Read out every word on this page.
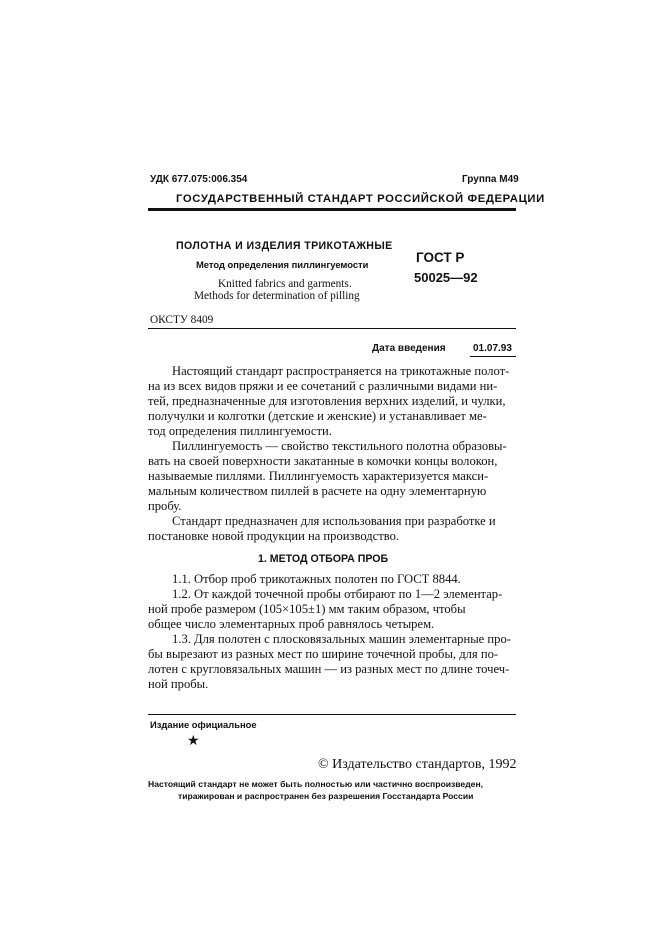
УДК 677.075:006.354	Группа М49
ГОСУДАРСТВЕННЫЙ СТАНДАРТ РОССИЙСКОЙ ФЕДЕРАЦИИ
ПОЛОТНА И ИЗДЕЛИЯ ТРИКОТАЖНЫЕ
Метод определения пиллингуемости
Knitted fabrics and garments.
Methods for determination of pilling
ГОСТ Р
50025—92
ОКСТУ 8409
Дата введения	01.07.93
Настоящий стандарт распространяется на трикотажные полот-
на из всех видов пряжи и ее сочетаний с различными видами ни-
тей, предназначенные для изготовления верхних изделий, и чулки,
получулки и колготки (детские и женские) и устанавливает ме-
тод определения пиллингуемости.
Пиллингуемость — свойство текстильного полотна образовы-
вать на своей поверхности закатанные в комочки концы волокон,
называемые пиллями. Пиллингуемость характеризуется макси-
мальным количеством пиллей в расчете на одну элементарную
пробу.
Стандарт предназначен для использования при разработке и
постановке новой продукции на производство.
1. МЕТОД ОТБОРА ПРОБ
1.1. Отбор проб трикотажных полотен по ГОСТ 8844.
1.2. От каждой точечной пробы отбирают по 1—2 элементар-
ной пробе размером (105×105±1) мм таким образом, чтобы
общее число элементарных проб равнялось четырем.
1.3. Для полотен с плосковязальных машин элементарные про-
бы вырезают из разных мест по ширине точечной пробы, для по-
лотен с кругловязальных машин — из разных мест по длине точеч-
ной пробы.
Издание официальное
★
© Издательство стандартов, 1992
Настоящий стандарт не может быть полностью или частично воспроизведен,
тиражирован и распространен без разрешения Госстандарта России
